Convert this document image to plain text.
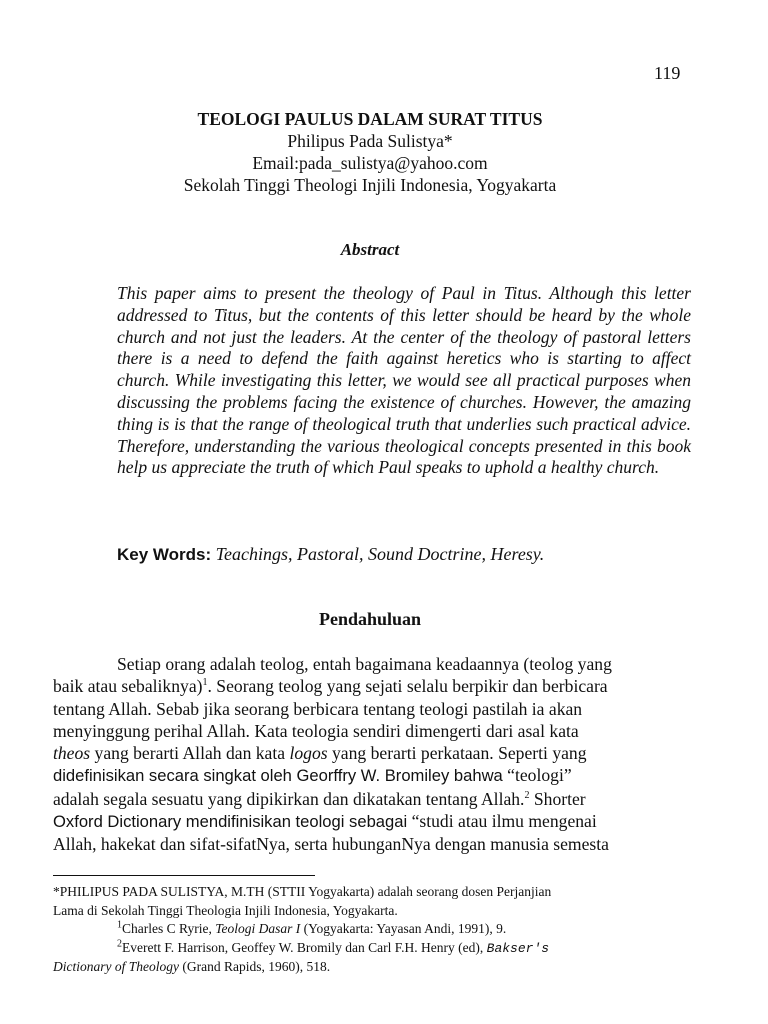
119
TEOLOGI PAULUS DALAM SURAT TITUS
Philipus Pada Sulistya*
Email:pada_sulistya@yahoo.com
Sekolah Tinggi Theologi Injili Indonesia, Yogyakarta
Abstract
This paper aims to present the theology of Paul in Titus. Although this letter addressed to Titus, but the contents of this letter should be heard by the whole church and not just the leaders. At the center of the theology of pastoral letters there is a need to defend the faith against heretics who is starting to affect church. While investigating this letter, we would see all practical purposes when discussing the problems facing the existence of churches. However, the amazing thing is is that the range of theological truth that underlies such practical advice. Therefore, understanding the various theological concepts presented in this book help us appreciate the truth of which Paul speaks to uphold a healthy church.
Key Words: Teachings, Pastoral, Sound Doctrine, Heresy.
Pendahuluan
Setiap orang adalah teolog, entah bagaimana keadaannya (teolog yang
baik atau sebaliknya)$^1$. Seorang teolog yang sejati selalu berpikir dan berbicara
tentang Allah. Sebab jika seorang berbicara tentang teologi pastilah ia akan
menyinggung perihal Allah. Kata teologia sendiri dimengerti dari asal kata
theos yang berarti Allah dan kata logos yang berarti perkataan. Seperti yang
didefinisikan secara singkat oleh Georffry W. Bromiley bahwa “teologi”
adalah segala sesuatu yang dipikirkan dan dikatakan tentang Allah.$^2$ Shorter
Oxford Dictionary mendifinisikan teologi sebagai “studi atau ilmu mengenai
Allah, hakekat dan sifat-sifatNya, serta hubunganNya dengan manusia semesta
*PHILIPUS PADA SULISTYA, M.TH (STTII Yogyakarta) adalah seorang dosen Perjanjian
Lama di Sekolah Tinggi Theologia Injili Indonesia, Yogyakarta.
$^1$Charles C Ryrie, Teologi Dasar I (Yogyakarta: Yayasan Andi, 1991), 9.
$^2$Everett F. Harrison, Geoffey W. Bromily dan Carl F.H. Henry (ed), Bakser's
Dictionary of Theology (Grand Rapids, 1960), 518.
